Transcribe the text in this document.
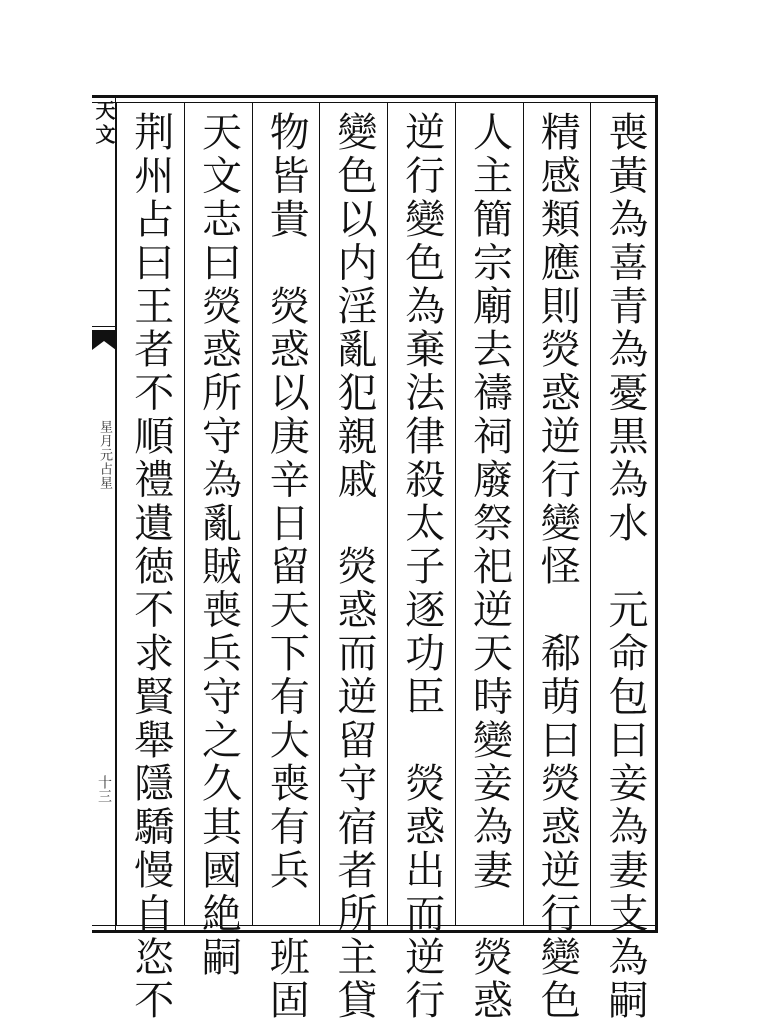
天文
星月元占星
十三	喪黃為喜青為憂黒為水　元命包曰妾為妻支為嗣
精感類應則熒惑逆行變怪　郗萌曰熒惑逆行變色
人主簡宗廟去禱祠廢祭祀逆天時變妾為妻　熒惑
逆行變色為棄法律殺太子逐功臣　熒惑出而逆行
變色以内淫亂犯親戚　熒惑而逆留守宿者所主貸
物皆貴　熒惑以庚辛日留天下有大喪有兵　班固
天文志曰熒惑所守為亂賊喪兵守之久其國絶嗣
荆州占曰王者不順禮遺徳不求賢舉隱驕慢自恣不
